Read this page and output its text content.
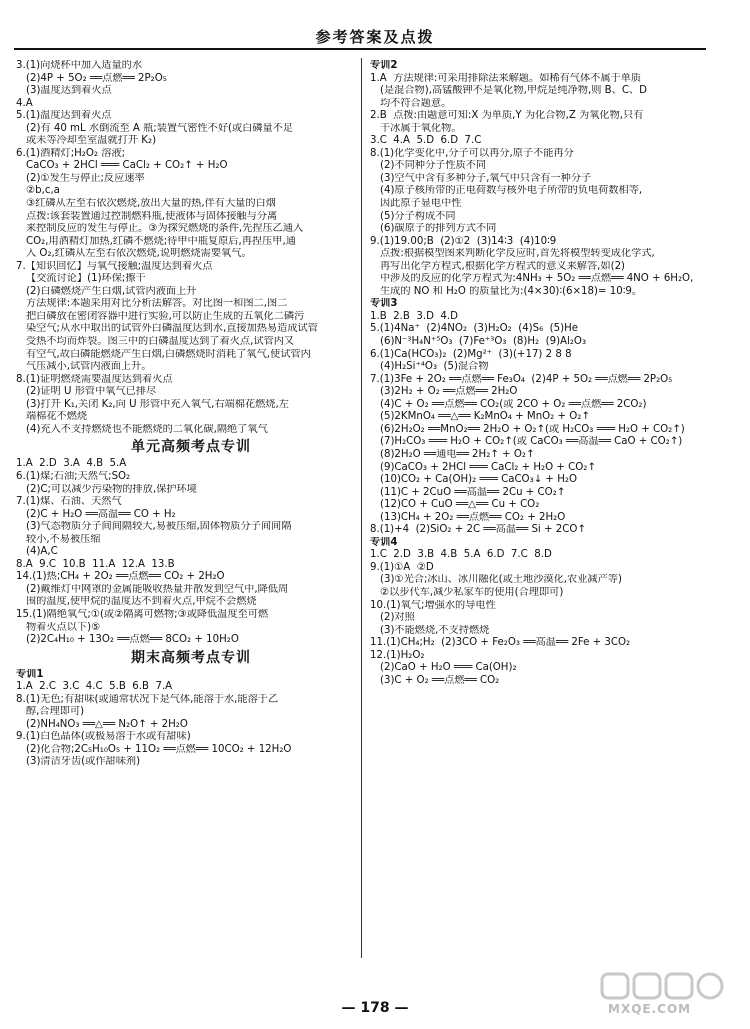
参考答案及点拨
3.(1)向烧杯中加入适量的水
(2)4P + 5O₂ ══点燃══ 2P₂O₅
(3)温度达到着火点
4.A
5.(1)温度达到着火点
(2)有 40 mL 水倒流至 A 瓶;装置气密性不好(或白磷量不足
或未等冷却至室温就打开 K₂)
6.(1)酒精灯;H₂O₂ 溶液;
CaCO₃ + 2HCl ═══ CaCl₂ + CO₂↑ + H₂O
(2)①发生与停止;反应速率
②b,c,a
③红磷从左至右依次燃烧,放出大量的热,伴有大量的白烟
点拨:该套装置通过控制燃料瓶,使液体与固体接触与分离
来控制反应的发生与停止。③为探究燃烧的条件,先捏压乙通入
CO₂,用酒精灯加热,红磷不燃烧;待甲中瓶复原后,再捏压甲,通
入 O₂,红磷从左至右依次燃烧,说明燃烧需要氧气。
7.【知识回忆】与氧气接触;温度达到着火点
【交流讨论】(1)环保;擦干
(2)白磷燃烧产生白烟,试管内液面上升
方法规律:本题采用对比分析法解答。对比图一和图二,图二
把白磷放在密闭容器中进行实验,可以防止生成的五氧化二磷污
染空气;从水中取出的试管外白磷温度达到水,直接加热易造成试管
受热不均而炸裂。图三中的白磷温度达到了着火点,试管内又
有空气,故白磷能燃烧产生白烟,白磷燃烧时消耗了氧气,使试管内
气压减小,试管内液面上升。
8.(1)证明燃烧需要温度达到着火点
(2)证明 U 形管中氧气已排尽
(3)打开 K₁,关闭 K₂,向 U 形管中充入氧气,右端棉花燃烧,左
端棉花不燃烧
(4)充入不支持燃烧也不能燃烧的二氧化碳,隔绝了氧气
单元高频考点专训
1.A  2.D  3.A  4.B  5.A
6.(1)煤;石油;天然气;SO₂
(2)C;可以减少污染物的排放,保护环境
7.(1)煤、石油、天然气
(2)C + H₂O ══高温══ CO + H₂
(3)气态物质分子间间隔较大,易被压缩,固体物质分子间间隔
较小,不易被压缩
(4)A,C
8.A  9.C  10.B  11.A  12.A  13.B
14.(1)热;CH₄ + 2O₂ ══点燃══ CO₂ + 2H₂O
(2)戴维灯中网罩的金属能吸收热量并散发到空气中,降低周
围的温度,使甲烷的温度达不到着火点,甲烷不会燃烧
15.(1)隔绝氧气;①(或②隔离可燃物;③或降低温度至可燃
物着火点以下)⑤
(2)2C₄H₁₀ + 13O₂ ══点燃══ 8CO₂ + 10H₂O
期末高频考点专训
专训1
1.A  2.C  3.C  4.C  5.B  6.B  7.A
8.(1)无色;有甜味(或通常状况下是气体,能溶于水,能溶于乙
醇,合理即可)
(2)NH₄NO₃ ══△══ N₂O↑ + 2H₂O
9.(1)白色晶体(或极易溶于水或有甜味)
(2)化合物;2C₅H₁₀O₅ + 11O₂ ══点燃══ 10CO₂ + 12H₂O
(3)清洁牙齿(或作甜味剂)
专训2
1.A  方法规律:可采用排除法来解题。如稀有气体不属于单质
(是混合物),高锰酸钾不是氧化物,甲烷是纯净物,则 B、C、D
均不符合题意。
2.B  点拨:由题意可知:X 为单质,Y 为化合物,Z 为氧化物,只有
干冰属于氧化物。
3.C  4.A  5.D  6.D  7.C
8.(1)化学变化中,分子可以再分,原子不能再分
(2)不同种分子性质不同
(3)空气中含有多种分子,氧气中只含有一种分子
(4)原子核所带的正电荷数与核外电子所带的负电荷数相等,
因此原子显电中性
(5)分子构成不同
(6)碳原子的排列方式不同
9.(1)19.00;B  (2)①2  (3)14∶3  (4)10∶9
点拨:根据模型图来判断化学反应时,首先将模型转变成化学式,
再写出化学方程式,根据化学方程式的意义来解答,如(2)
中涉及的反应的化学方程式为:4NH₃ + 5O₂ ══点燃══ 4NO + 6H₂O,
生成的 NO 和 H₂O 的质量比为:(4×30)∶(6×18)= 10∶9。
专训3
1.B  2.B  3.D  4.D
5.(1)4Na⁺  (2)4NO₂  (3)H₂O₂  (4)S₆  (5)He
(6)N⁻³H₄N⁺⁵O₃  (7)Fe⁺³O₃  (8)H₂  (9)Al₂O₃
6.(1)Ca(HCO₃)₂  (2)Mg²⁺  (3)(+17) 2 8 8
(4)H₂Si⁺⁴O₃  (5)混合物
7.(1)3Fe + 2O₂ ══点燃══ Fe₃O₄  (2)4P + 5O₂ ══点燃══ 2P₂O₅
(3)2H₂ + O₂ ══点燃══ 2H₂O
(4)C + O₂ ══点燃══ CO₂(或 2CO + O₂ ══点燃══ 2CO₂)
(5)2KMnO₄ ══△══ K₂MnO₄ + MnO₂ + O₂↑
(6)2H₂O₂ ══MnO₂══ 2H₂O + O₂↑(或 H₂CO₃ ═══ H₂O + CO₂↑)
(7)H₂CO₃ ═══ H₂O + CO₂↑(或 CaCO₃ ══高温══ CaO + CO₂↑)
(8)2H₂O ══通电══ 2H₂↑ + O₂↑
(9)CaCO₃ + 2HCl ═══ CaCl₂ + H₂O + CO₂↑
(10)CO₂ + Ca(OH)₂ ═══ CaCO₃↓ + H₂O
(11)C + 2CuO ══高温══ 2Cu + CO₂↑
(12)CO + CuO ══△══ Cu + CO₂
(13)CH₄ + 2O₂ ══点燃══ CO₂ + 2H₂O
8.(1)+4  (2)SiO₂ + 2C ══高温══ Si + 2CO↑
专训4
1.C  2.D  3.B  4.B  5.A  6.D  7.C  8.D
9.(1)①A  ②D
(3)①光合;冰山、冰川融化(或土地沙漠化,农业减产等)
②以步代车,减少私家车的使用(合理即可)
10.(1)氧气;增强水的导电性
(2)对照
(3)不能燃烧,不支持燃烧
11.(1)CH₄;H₂  (2)3CO + Fe₂O₃ ══高温══ 2Fe + 3CO₂
12.(1)H₂O₂
(2)CaO + H₂O ═══ Ca(OH)₂
(3)C + O₂ ══点燃══ CO₂
— 178 —	MXQE.COM
